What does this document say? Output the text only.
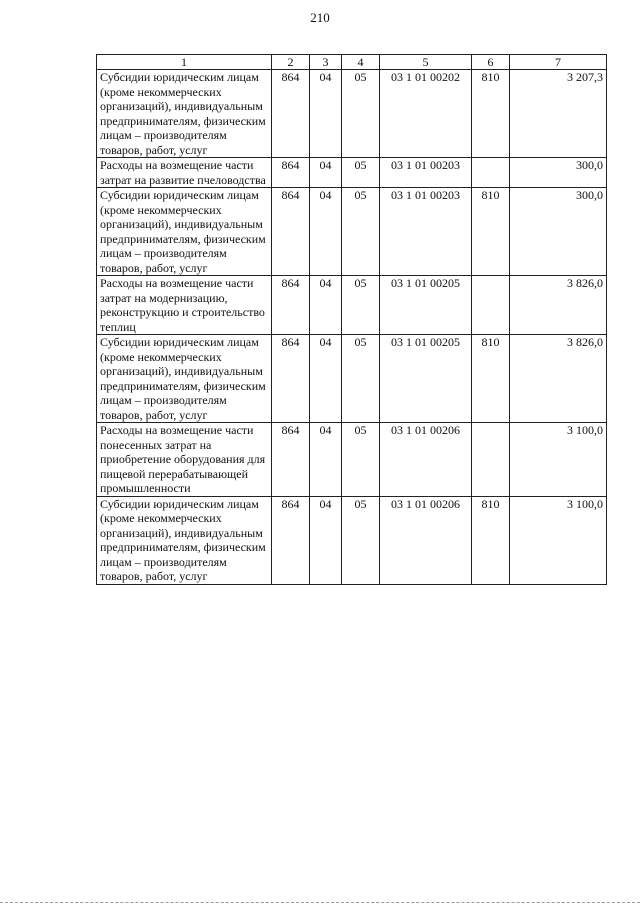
210
1	2	3	4	5	6	7
Субсидии юридическим лицам (кроме некоммерческих организаций), индивидуальным предпринимателям, физическим лицам – производителям товаров, работ, услуг	864	04	05	03 1 01 00202	810	3 207,3
Расходы на возмещение части затрат на развитие пчеловодства	864	04	05	03 1 01 00203		300,0
Субсидии юридическим лицам (кроме некоммерческих организаций), индивидуальным предпринимателям, физическим лицам – производителям товаров, работ, услуг	864	04	05	03 1 01 00203	810	300,0
Расходы на возмещение части затрат на модернизацию, реконструкцию и строительство теплиц	864	04	05	03 1 01 00205		3 826,0
Субсидии юридическим лицам (кроме некоммерческих организаций), индивидуальным предпринимателям, физическим лицам – производителям товаров, работ, услуг	864	04	05	03 1 01 00205	810	3 826,0
Расходы на возмещение части понесенных затрат на приобретение оборудования для пищевой перерабатывающей промышленности	864	04	05	03 1 01 00206		3 100,0
Субсидии юридическим лицам (кроме некоммерческих организаций), индивидуальным предпринимателям, физическим лицам – производителям товаров, работ, услуг	864	04	05	03 1 01 00206	810	3 100,0
